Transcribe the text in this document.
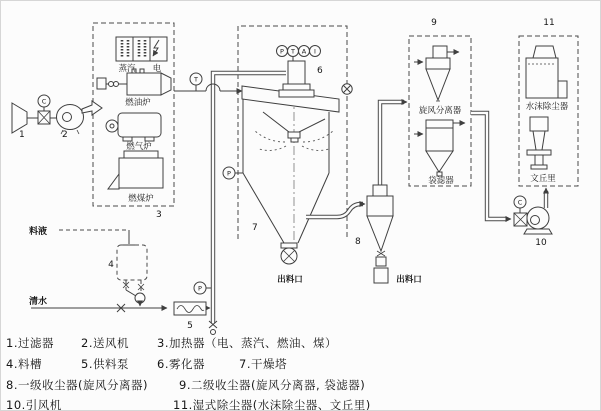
C
P
T
P
P T A I
C
1	2
3
4
5
6
7
8
9
10
11
蒸汽 电
燃油炉
燃气炉
燃煤炉
料液
清水
出料口	出料口
旋风分离器
袋滤器
水沫除尘器
文丘里
1.过滤器 2.送风机 3.加热器（电、蒸汽、燃油、煤）
4.料槽	5.供料泵 6.雾化器	7.干燥塔
8.一级收尘器(旋风分离器)	9.二级收尘器(旋风分离器, 袋滤器)
10.引风机	11.湿式除尘器(水沫除尘器、文丘里)
